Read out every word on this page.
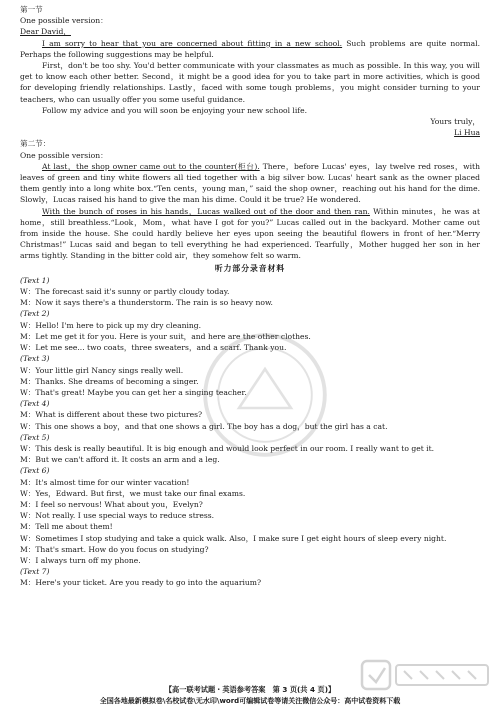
第一节
One possible version：
Dear David，
I am sorry to hear that you are concerned about fitting in a new school. Such problems are quite normal. Perhaps the following suggestions may be helpful.
First，don't be too shy. You'd better communicate with your classmates as much as possible. In this way, you will get to know each other better. Second，it might be a good idea for you to take part in more activities, which is good for developing friendly relationships. Lastly，faced with some tough problems，you might consider turning to your teachers, who can usually offer you some useful guidance.
Follow my advice and you will soon be enjoying your new school life.
Yours truly，
Li Hua
第二节：
One possible version：
At last，the shop owner came out to the counter(柜台). There，before Lucas' eyes，lay twelve red roses，with leaves of green and tiny white flowers all tied together with a big silver bow. Lucas' heart sank as the owner placed them gently into a long white box.“Ten cents，young man，” said the shop owner，reaching out his hand for the dime. Slowly，Lucas raised his hand to give the man his dime. Could it be true? He wondered.
With the bunch of roses in his hands，Lucas walked out of the door and then ran. Within minutes，he was at home，still breathless.“Look，Mom，what have I got for you?” Lucas called out in the backyard. Mother came out from inside the house. She could hardly believe her eyes upon seeing the beautiful flowers in front of her.“Merry Christmas!” Lucas said and began to tell everything he had experienced. Tearfully，Mother hugged her son in her arms tightly. Standing in the bitter cold air，they somehow felt so warm.
听力部分录音材料
(Text 1)
W：The forecast said it's sunny or partly cloudy today.
M：Now it says there's a thunderstorm. The rain is so heavy now.
(Text 2)
W：Hello! I'm here to pick up my dry cleaning.
M：Let me get it for you. Here is your suit，and here are the other clothes.
W：Let me see... two coats，three sweaters，and a scarf. Thank you.
(Text 3)
W：Your little girl Nancy sings really well.
M：Thanks. She dreams of becoming a singer.
W：That's great! Maybe you can get her a singing teacher.
(Text 4)
M：What is different about these two pictures?
W：This one shows a boy，and that one shows a girl. The boy has a dog，but the girl has a cat.
(Text 5)
W：This desk is really beautiful. It is big enough and would look perfect in our room. I really want to get it.
M：But we can't afford it. It costs an arm and a leg.
(Text 6)
M：It's almost time for our winter vacation!
W：Yes，Edward. But first，we must take our final exams.
M：I feel so nervous! What about you，Evelyn?
W：Not really. I use special ways to reduce stress.
M：Tell me about them!
W：Sometimes I stop studying and take a quick walk. Also，I make sure I get eight hours of sleep every night.
M：That's smart. How do you focus on studying?
W：I always turn off my phone.
(Text 7)
M：Here's your ticket. Are you ready to go into the aquarium?
【高一联考试题・英语参考答案　第 3 页(共 4 页)】
全国各地最新模拟卷\名校试卷\无水印\word可编辑试卷等请关注微信公众号：高中试卷资料下载
